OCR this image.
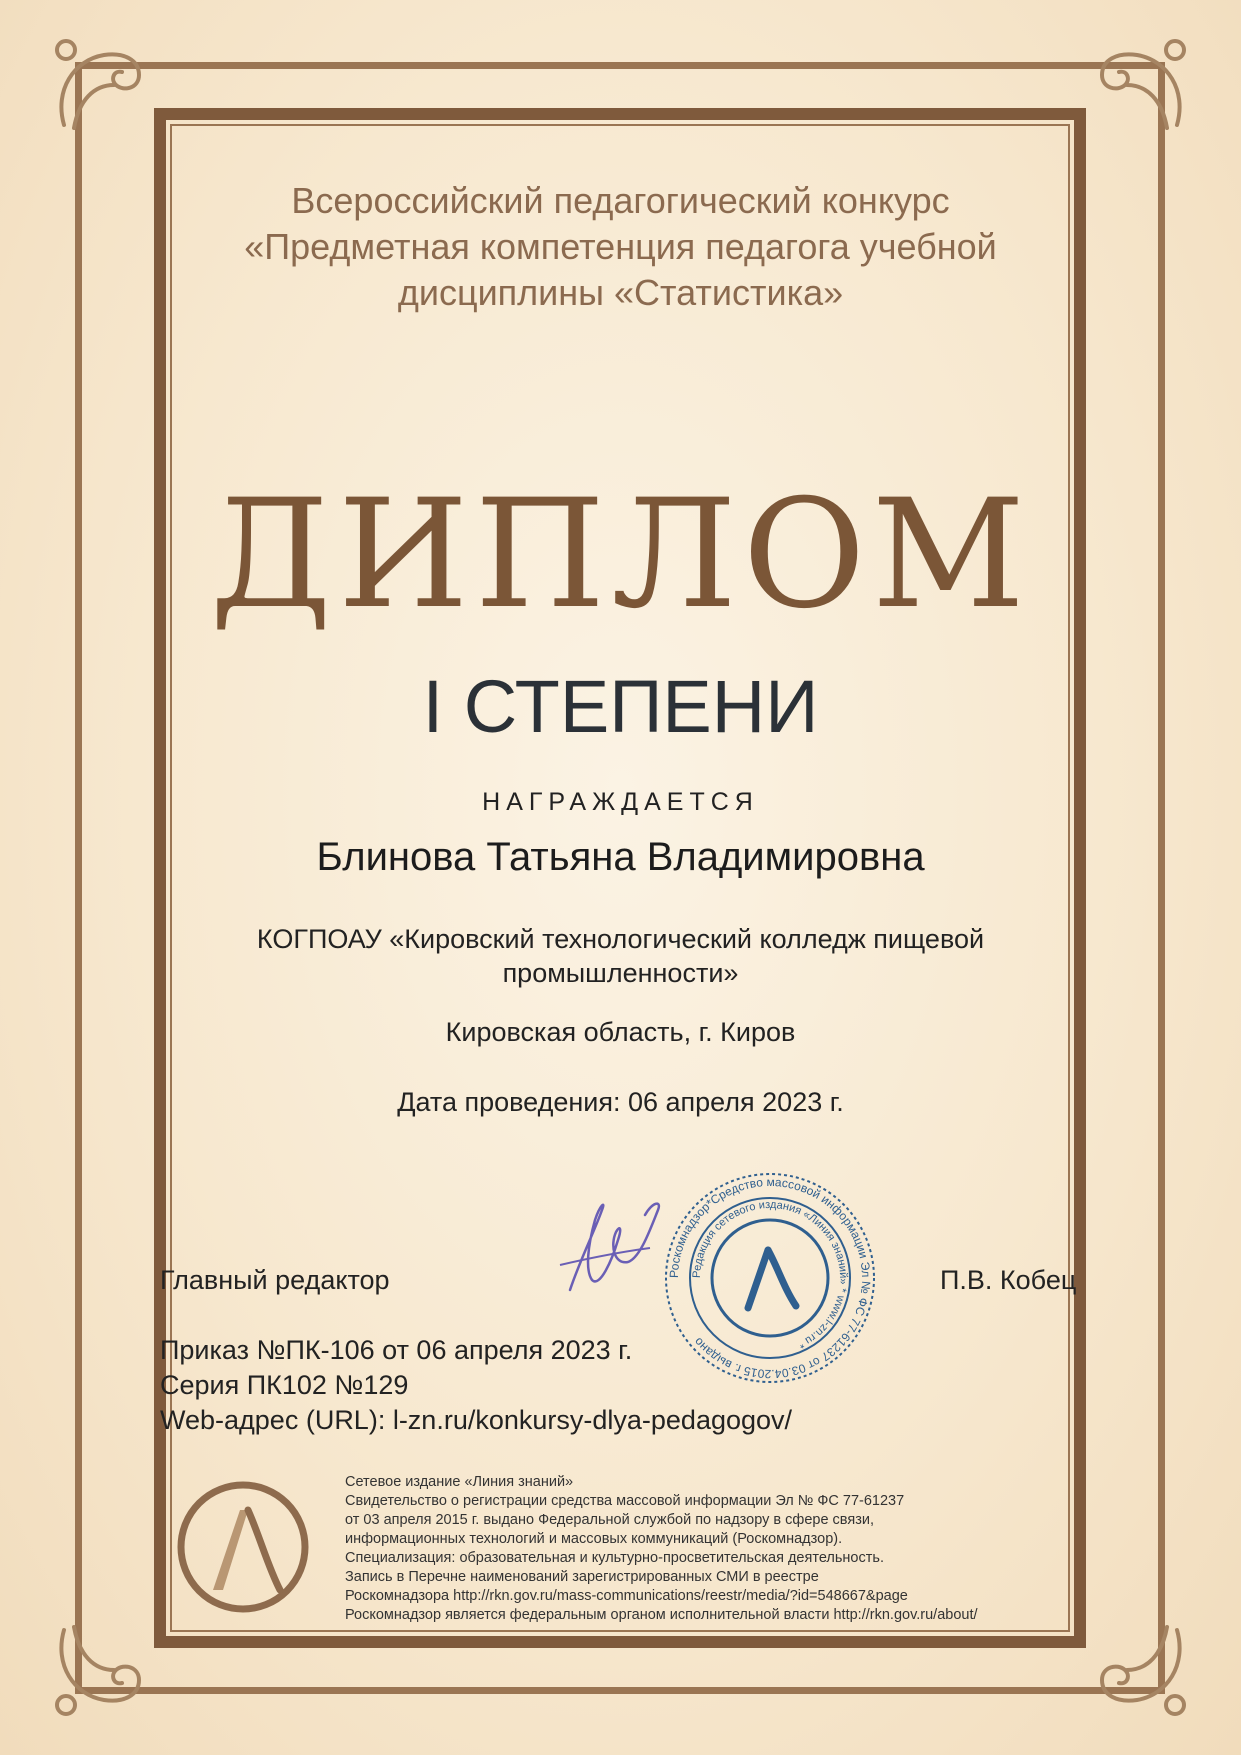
Всероссийский педагогический конкурс
«Предметная компетенция педагога учебной
дисциплины «Статистика»
ДИПЛОМ
I СТЕПЕНИ
НАГРАЖДАЕТСЯ
Блинова Татьяна Владимировна
КОГПОАУ «Кировский технологический колледж пищевой
промышленности»
Кировская область, г. Киров
Дата проведения: 06 апреля 2023 г.
Главный редактор	П.В. Кобец
Роскомнадзор*Средство массовой информации Эл № ФС 77-61237 от 03.04.2015 г. выдано
Редакция сетевого издания «Линия знаний» * www.l-zn.ru *
Приказ №ПК-106 от 06 апреля 2023 г.
Серия ПК102 №129
Web-адрес (URL): l-zn.ru/konkursy-dlya-pedagogov/
Сетевое издание «Линия знаний»
Свидетельство о регистрации средства массовой информации Эл № ФС 77-61237
от 03 апреля 2015 г. выдано Федеральной службой по надзору в сфере связи,
информационных технологий и массовых коммуникаций (Роскомнадзор).
Специализация: образовательная и культурно-просветительская деятельность.
Запись в Перечне наименований зарегистрированных СМИ в реестре
Роскомнадзора http://rkn.gov.ru/mass-communications/reestr/media/?id=548667&page
Роскомнадзор является федеральным органом исполнительной власти http://rkn.gov.ru/about/
